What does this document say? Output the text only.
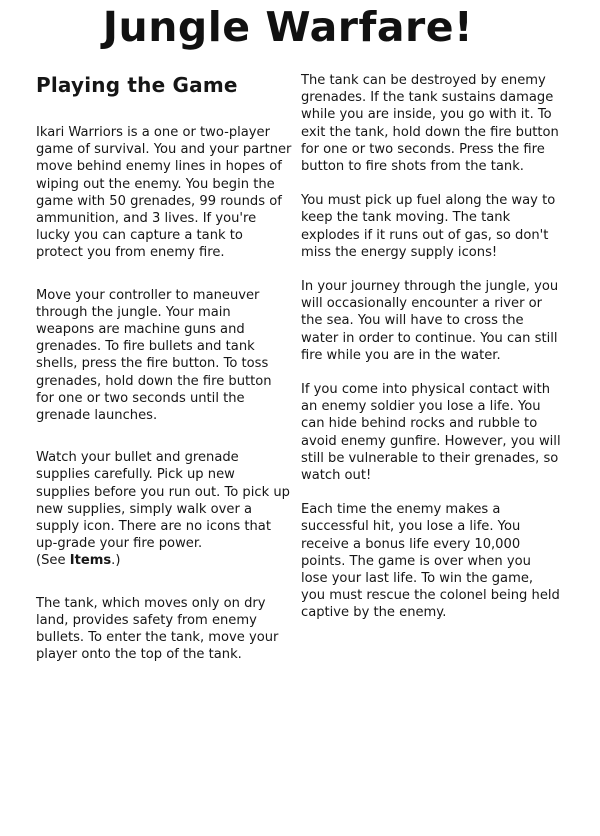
Jungle Warfare!
Playing the Game

Ikari Warriors is a one or two-player game of survival. You and your partner move behind enemy lines in hopes of wiping out the enemy. You begin the game with 50 grenades, 99 rounds of ammunition, and 3 lives. If you're lucky you can capture a tank to protect you from enemy fire.

Move your controller to maneuver through the jungle. Your main weapons are machine guns and grenades. To fire bullets and tank shells, press the fire button. To toss grenades, hold down the fire button for one or two seconds until the grenade launches.

Watch your bullet and grenade supplies carefully. Pick up new supplies before you run out. To pick up new supplies, simply walk over a supply icon. There are no icons that up-grade your fire power.
(See Items.)

The tank, which moves only on dry land, provides safety from enemy bullets. To enter the tank, move your player onto the top of the tank.

The tank can be destroyed by enemy grenades. If the tank sustains damage while you are inside, you go with it. To exit the tank, hold down the fire button for one or two seconds. Press the fire button to fire shots from the tank.

You must pick up fuel along the way to keep the tank moving. The tank explodes if it runs out of gas, so don't miss the energy supply icons!

In your journey through the jungle, you will occasionally encounter a river or the sea. You will have to cross the water in order to continue. You can still fire while you are in the water.

If you come into physical contact with an enemy soldier you lose a life. You can hide behind rocks and rubble to avoid enemy gunfire. However, you will still be vulnerable to their grenades, so watch out!

Each time the enemy makes a successful hit, you lose a life. You receive a bonus life every 10,000 points. The game is over when you lose your last life. To win the game, you must rescue the colonel being held captive by the enemy.
